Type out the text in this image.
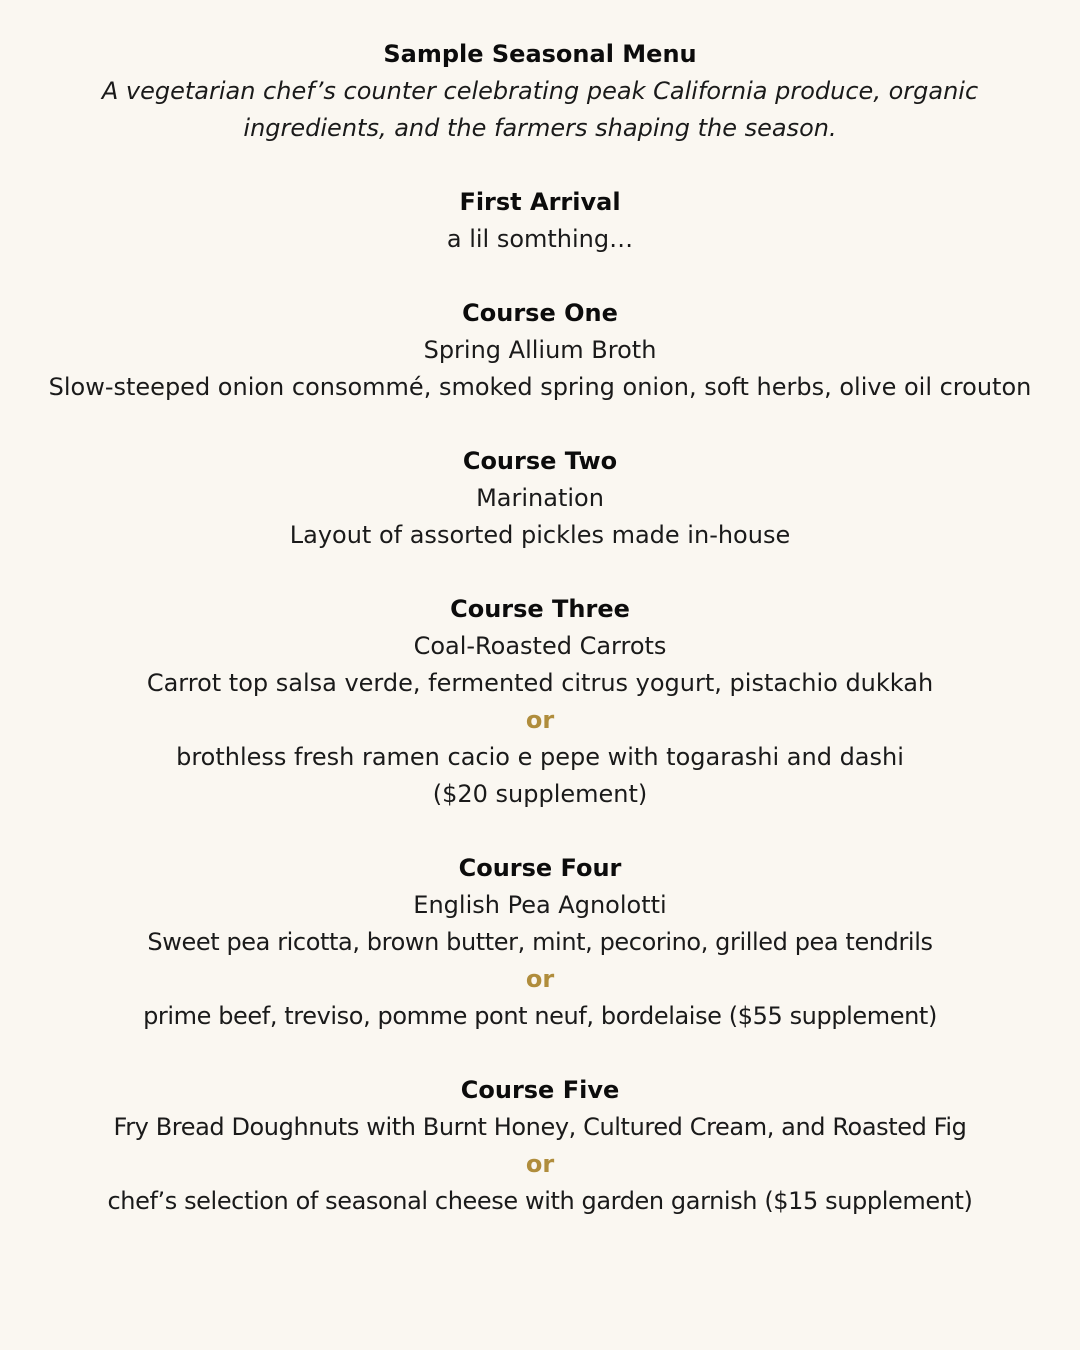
Sample Seasonal Menu
A vegetarian chef’s counter celebrating peak California produce, organic ingredients, and the farmers shaping the season.
First Arrival
a lil somthing…
Course One
Spring Allium Broth
Slow-steeped onion consommé, smoked spring onion, soft herbs, olive oil crouton
Course Two
Marination
Layout of assorted pickles made in-house
Course Three
Coal-Roasted Carrots
Carrot top salsa verde, fermented citrus yogurt, pistachio dukkah
or
brothless fresh ramen cacio e pepe with togarashi and dashi
($20 supplement)
Course Four
English Pea Agnolotti
Sweet pea ricotta, brown butter, mint, pecorino, grilled pea tendrils
or
prime beef, treviso, pomme pont neuf, bordelaise ($55 supplement)
Course Five
Fry Bread Doughnuts with Burnt Honey, Cultured Cream, and Roasted Fig
or
chef’s selection of seasonal cheese with garden garnish ($15 supplement)
